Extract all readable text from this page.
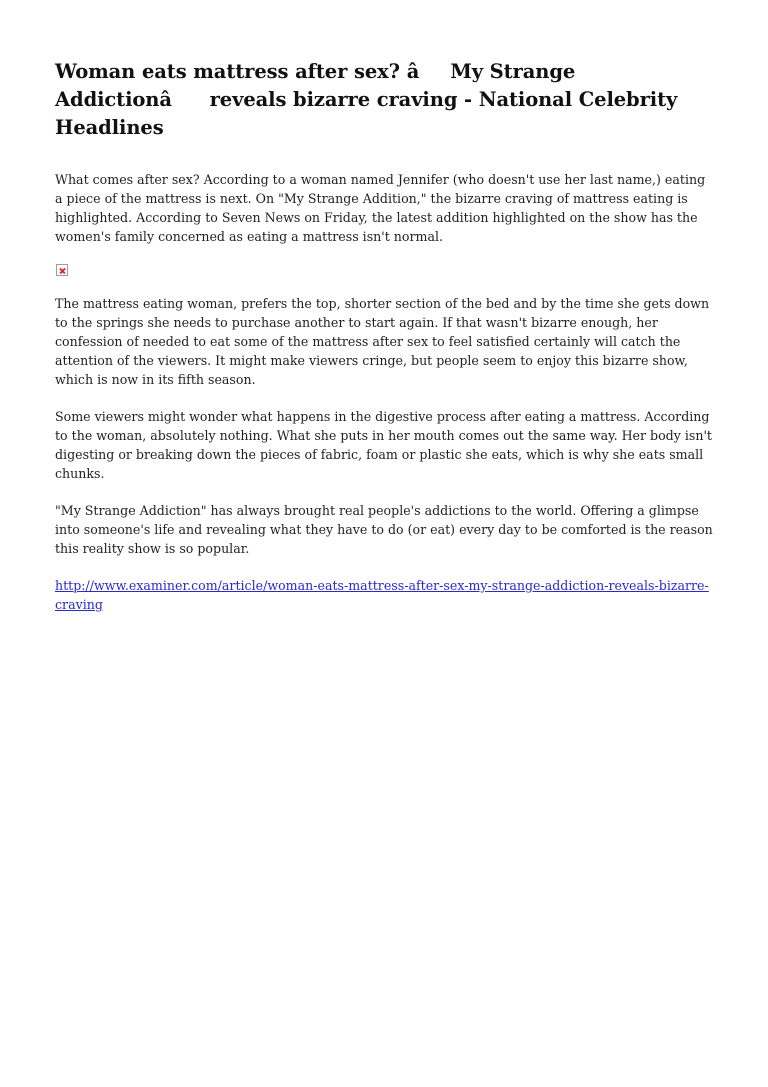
Woman eats mattress after sex? âMy Strange Addictionâ reveals bizarre craving - National Celebrity Headlines

What comes after sex? According to a woman named Jennifer (who doesn't use her last name,) eating a piece of the mattress is next. On "My Strange Addition," the bizarre craving of mattress eating is highlighted. According to Seven News on Friday, the latest addition highlighted on the show has the women's family concerned as eating a mattress isn't normal.

The mattress eating woman, prefers the top, shorter section of the bed and by the time she gets down to the springs she needs to purchase another to start again. If that wasn't bizarre enough, her confession of needed to eat some of the mattress after sex to feel satisfied certainly will catch the attention of the viewers. It might make viewers cringe, but people seem to enjoy this bizarre show, which is now in its fifth season.

Some viewers might wonder what happens in the digestive process after eating a mattress. According to the woman, absolutely nothing. What she puts in her mouth comes out the same way. Her body isn't digesting or breaking down the pieces of fabric, foam or plastic she eats, which is why she eats small chunks.

"My Strange Addiction" has always brought real people's addictions to the world. Offering a glimpse into someone's life and revealing what they have to do (or eat) every day to be comforted is the reason this reality show is so popular.

http://www.examiner.com/article/woman-eats-mattress-after-sex-my-strange-addiction-reveals-bizarre-craving
